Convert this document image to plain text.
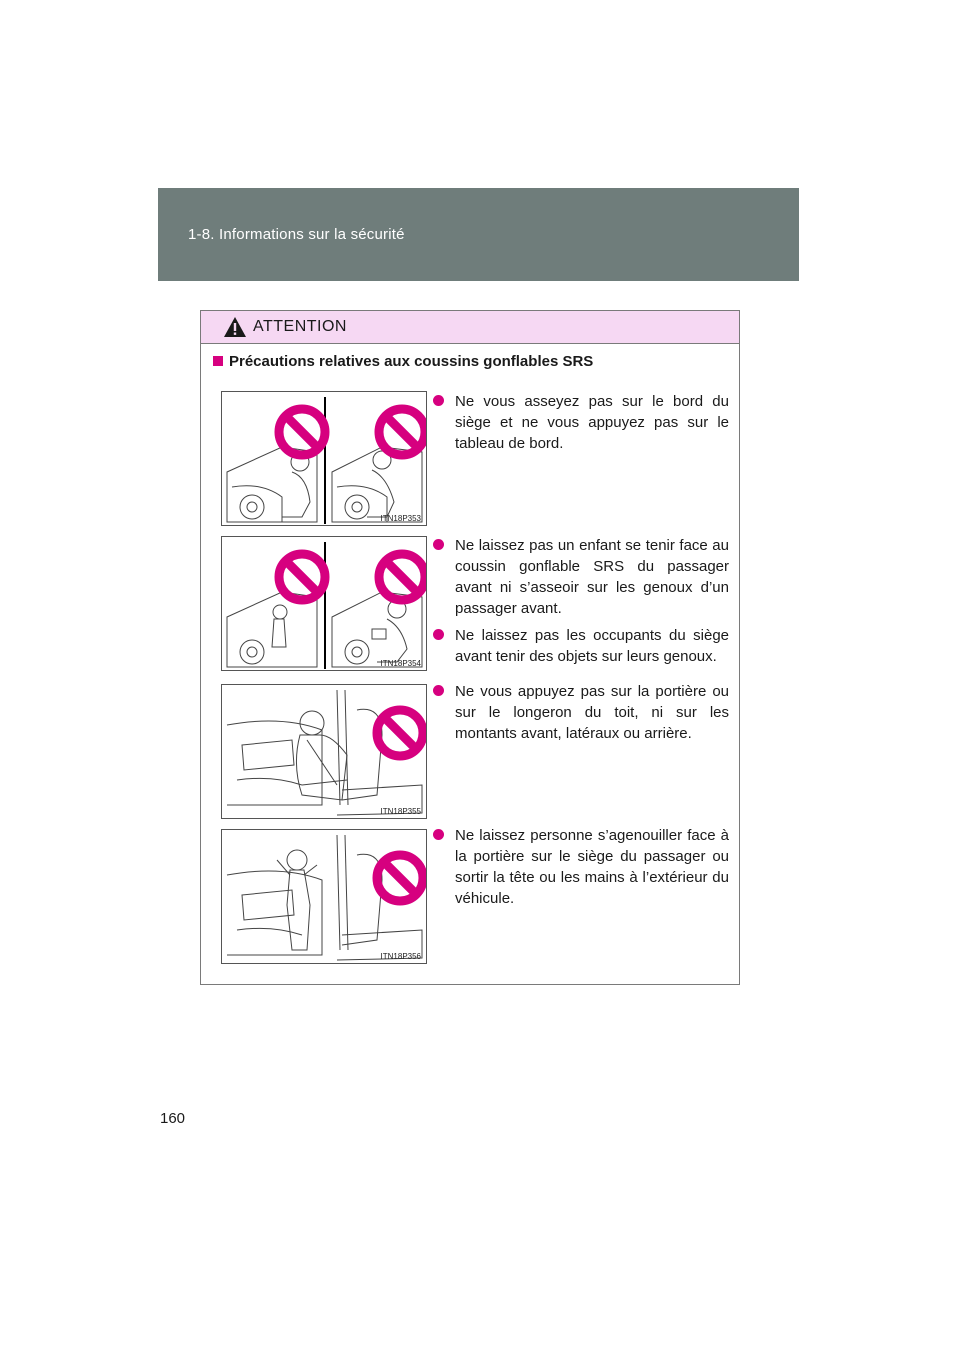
1-8. Informations sur la sécurité
ATTENTION
Précautions relatives aux coussins gonflables SRS
ITN18P353
ITN18P354
ITN18P355
ITN18P356
Ne vous asseyez pas sur le bord du siège et ne vous appuyez pas sur le tableau de bord.
Ne laissez pas un enfant se tenir face au coussin gonflable SRS du passager avant ni s’asseoir sur les genoux d’un passager avant.
Ne laissez pas les occupants du siège avant tenir des objets sur leurs genoux.
Ne vous appuyez pas sur la portière ou sur le longeron du toit, ni sur les montants avant, latéraux ou arrière.
Ne laissez personne s’agenouiller face à la portière sur le siège du passager ou sortir la tête ou les mains à l’extérieur du véhicule.
160
